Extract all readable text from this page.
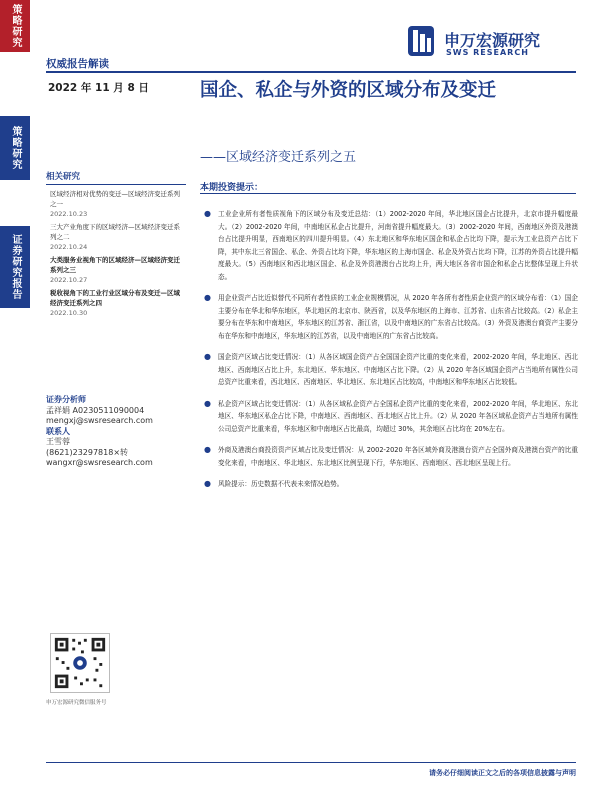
策略研究
策略研究
证券研究报告
申万宏源研究
SWS RESEARCH
权威报告解读
2022 年 11 月 8 日	国企、私企与外资的区域分布及变迁
——区域经济变迁系列之五
相关研究
区域经济相对优势的变迁—区域经济变迁系列之一
2022.10.23
三大产业角度下的区域经济—区域经济变迁系列之二
2022.10.24
大类服务业视角下的区域经济—区域经济变迁系列之三
2022.10.27
税收视角下的工业行业区域分布及变迁—区域经济变迁系列之四
2022.10.30
证券分析师
孟祥娟 A0230511090004
mengxj@swsresearch.com
联系人
王雪蓉
(8621)23297818×转
wangxr@swsresearch.com
申万宏源研究微信服务号
本期投资提示：
●	工业企业所有者性质视角下的区域分布及变迁总结：（1）2002-2020 年间，华北地区国企占比提升，北京市提升幅度最大。（2）2002-2020 年间，中南地区私企占比提升，河南省提升幅度最大。（3）2002-2020 年间，西南地区外资及港澳台占比提升明显，西南地区的四川提升明显。（4）东北地区和华东地区国企和私企占比均下降，提示为工业总资产占比下降，其中东北三省国企、私企、外资占比均下降，华东地区的上海市国企、私企及外资占比均下降，江苏的外资占比提升幅度最大。（5）西南地区和西北地区国企、私企及外资港澳台占比均上升，两大地区各省市国企和私企占比整体呈现上升状态。
●	用企业资产占比近似替代不同所有者性质的工业企业规模情况，从 2020 年各所有者性质企业资产的区域分布看：（1）国企主要分布在华北和华东地区，华北地区的北京市、陕西省，以及华东地区的上海市、江苏省、山东省占比较高。（2）私企主要分布在华东和中南地区，华东地区的江苏省、浙江省，以及中南地区的广东省占比较高。（3）外资及港澳台商资产主要分布在华东和中南地区，华东地区的江苏省，以及中南地区的广东省占比较高。
●	国企资产区域占比变迁情况：（1）从各区域国企资产占全国国企资产比重的变化来看，2002-2020 年间，华北地区、西北地区、西南地区占比上升，东北地区、华东地区、中南地区占比下降。（2）从 2020 年各区域国企资产占当地所有属性公司总资产比重来看，西北地区、西南地区、华北地区、东北地区占比较高，中南地区和华东地区占比较低。
●	私企资产区域占比变迁情况：（1）从各区域私企资产占全国私企资产比重的变化来看，2002-2020 年间，华北地区、东北地区、华东地区私企占比下降，中南地区、西南地区、西北地区占比上升。（2）从 2020 年各区域私企资产占当地所有属性公司总资产比重来看，华东地区和中南地区占比最高，均超过 30%，其余地区占比均在 20%左右。
●	外商及港澳台商投资资产区域占比及变迁情况：从 2002-2020 年各区域外商及港澳台资产占全国外商及港澳台资产的比重变化来看，中南地区、华北地区、东北地区比例呈现下行，华东地区、西南地区、西北地区呈现上行。
●	风险提示：历史数据不代表未来情况趋势。
请务必仔细阅读正文之后的各项信息披露与声明
